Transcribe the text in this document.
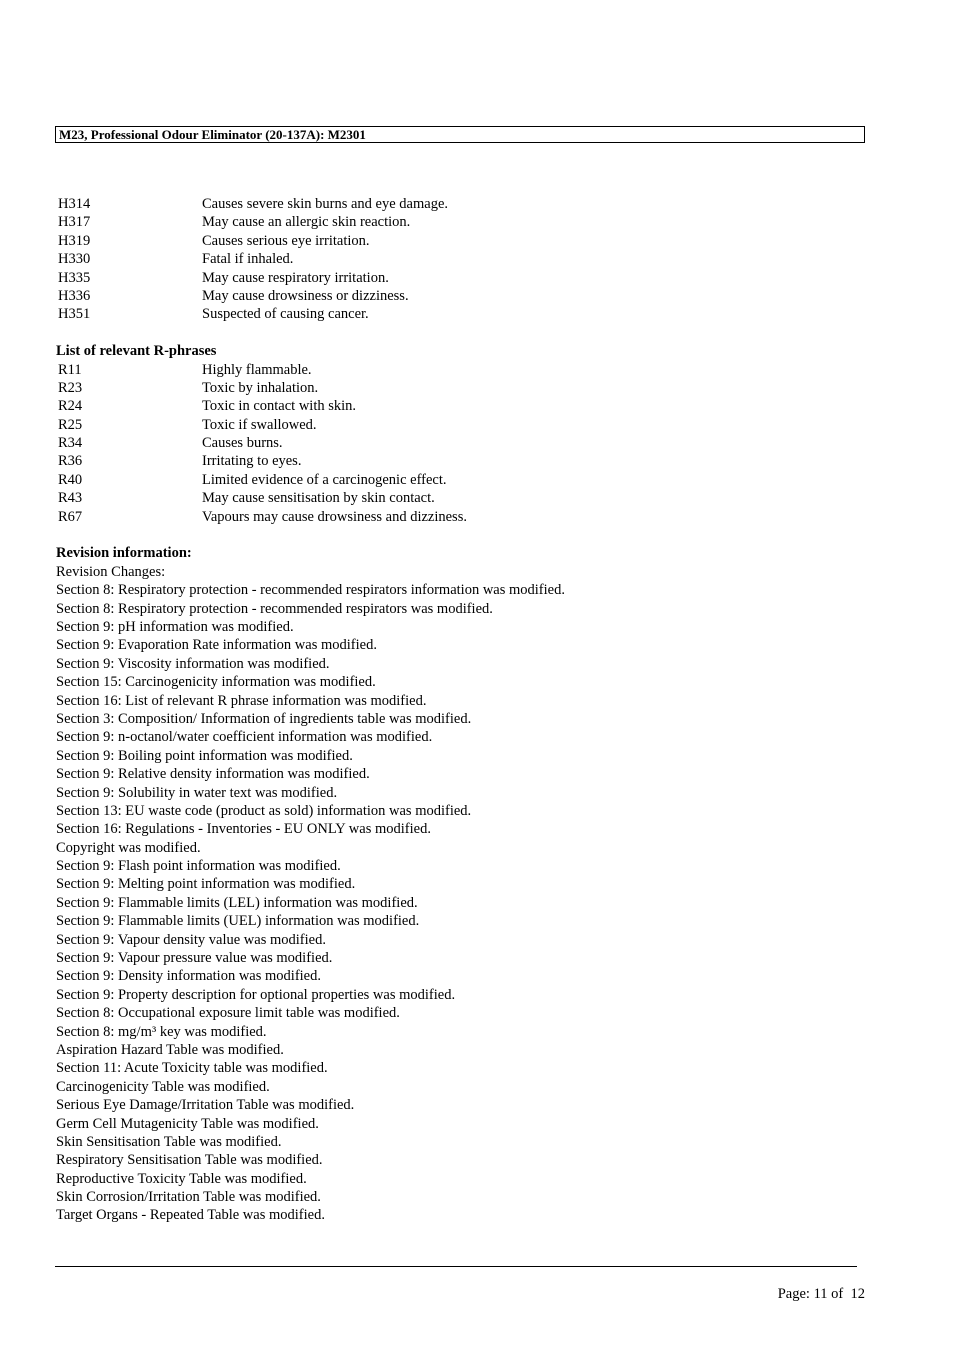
M23, Professional Odour Eliminator (20-137A): M2301
H314	Causes severe skin burns and eye damage.
H317	May cause an allergic skin reaction.
H319	Causes serious eye irritation.
H330	Fatal if inhaled.
H335	May cause respiratory irritation.
H336	May cause drowsiness or dizziness.
H351	Suspected of causing cancer.
List of relevant R-phrases
R11	Highly flammable.
R23	Toxic by inhalation.
R24	Toxic in contact with skin.
R25	Toxic if swallowed.
R34	Causes burns.
R36	Irritating to eyes.
R40	Limited evidence of a carcinogenic effect.
R43	May cause sensitisation by skin contact.
R67	Vapours may cause drowsiness and dizziness.
Revision information:
Revision Changes:
Section 8: Respiratory protection - recommended respirators information was modified.
Section 8: Respiratory protection - recommended respirators was modified.
Section 9: pH information was modified.
Section 9: Evaporation Rate information was modified.
Section 9: Viscosity information was modified.
Section 15: Carcinogenicity information was modified.
Section 16: List of relevant R phrase information was modified.
Section 3: Composition/ Information of ingredients table was modified.
Section 9: n-octanol/water coefficient information was modified.
Section 9: Boiling point information was modified.
Section 9: Relative density information was modified.
Section 9: Solubility in water text was modified.
Section 13: EU waste code (product as sold) information was modified.
Section 16: Regulations - Inventories - EU ONLY was modified.
Copyright was modified.
Section 9: Flash point information was modified.
Section 9: Melting point information was modified.
Section 9: Flammable limits (LEL) information was modified.
Section 9: Flammable limits (UEL) information was modified.
Section 9: Vapour density value was modified.
Section 9: Vapour pressure value was modified.
Section 9: Density information was modified.
Section 9: Property description for optional properties was modified.
Section 8: Occupational exposure limit table was modified.
Section 8: mg/m³ key was modified.
Aspiration Hazard Table was modified.
Section 11: Acute Toxicity table was modified.
Carcinogenicity Table was modified.
Serious Eye Damage/Irritation Table was modified.
Germ Cell Mutagenicity Table was modified.
Skin Sensitisation Table was modified.
Respiratory Sensitisation Table was modified.
Reproductive Toxicity Table was modified.
Skin Corrosion/Irritation Table was modified.
Target Organs - Repeated Table was modified.
Page: 11 of  12
